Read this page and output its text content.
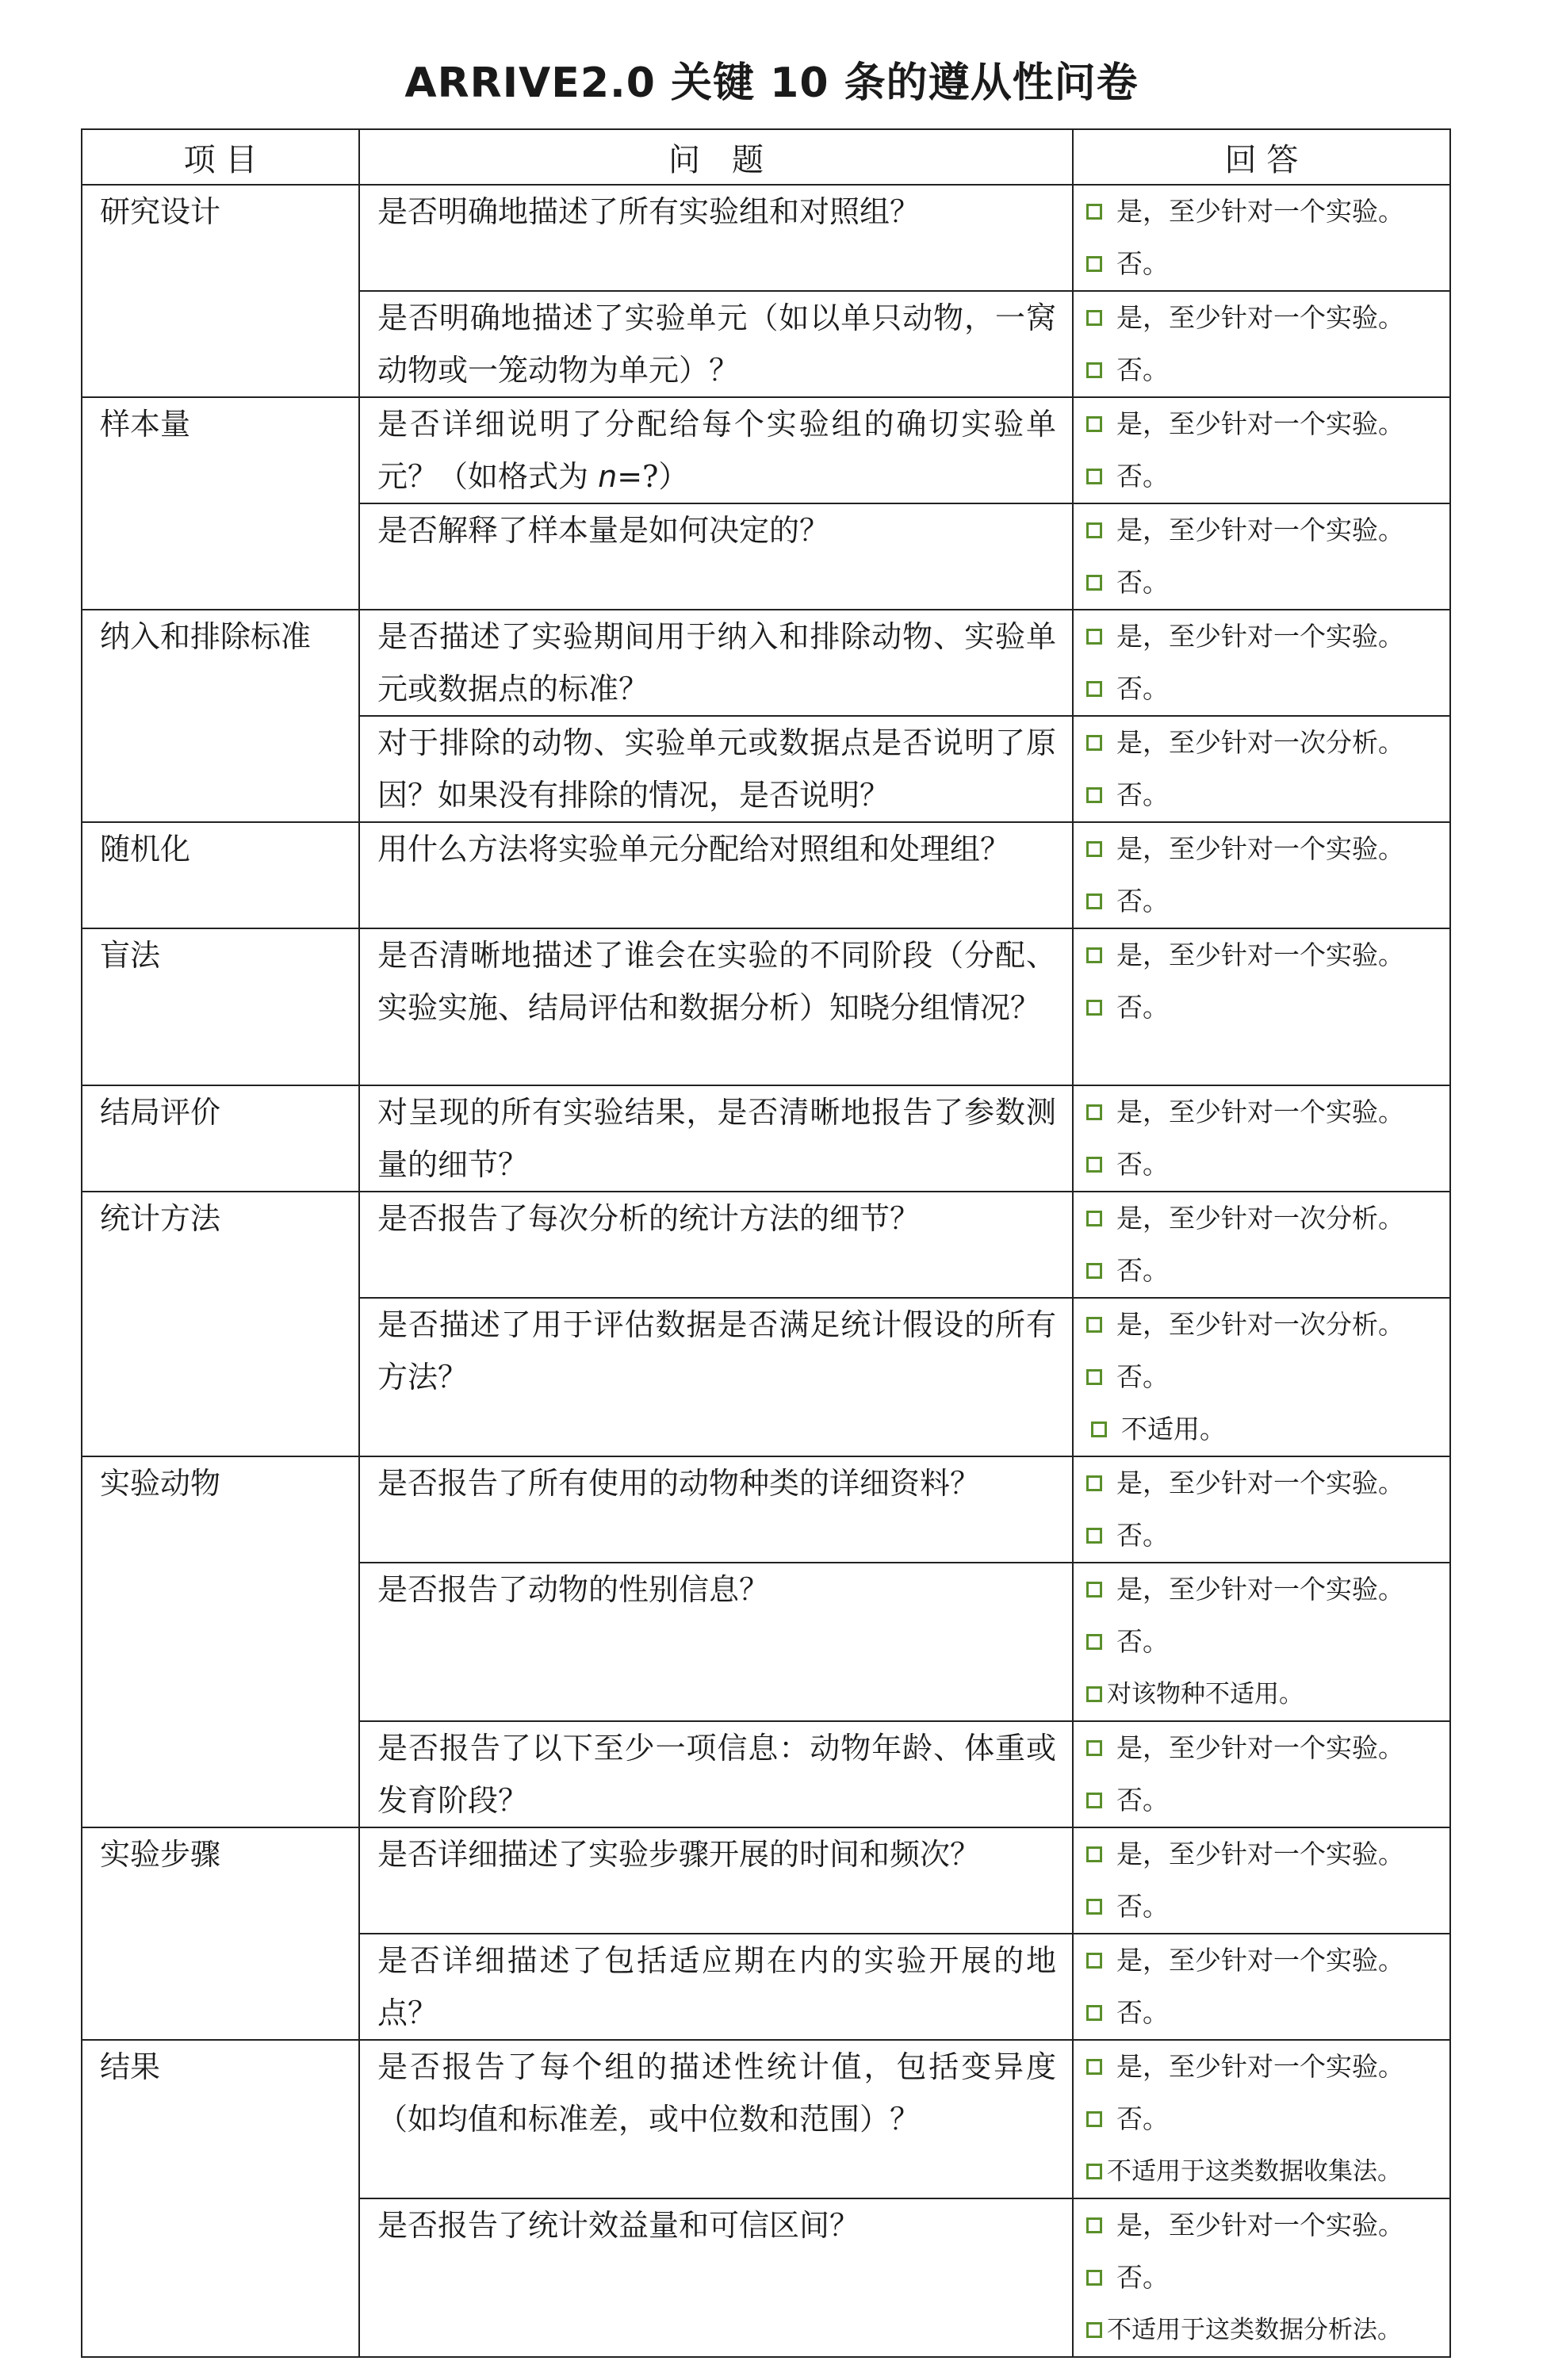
ARRIVE2.0 关键 10 条的遵从性问卷
项 目	问　题	回 答
研究设计	是否明确地描述了所有实验组和对照组？	是，至少针对一个实验。
否。

	是否明确地描述了实验单元（如以单只动物，一窝动物或一笼动物为单元）？	是，至少针对一个实验。
否。

样本量	是否详细说明了分配给每个实验组的确切实验单元？（如格式为 n=?）	是，至少针对一个实验。
否。

	是否解释了样本量是如何决定的？	是，至少针对一个实验。
否。

纳入和排除标准	是否描述了实验期间用于纳入和排除动物、实验单元或数据点的标准？	是，至少针对一个实验。
否。

	对于排除的动物、实验单元或数据点是否说明了原因？如果没有排除的情况，是否说明？	是，至少针对一次分析。
否。

随机化	用什么方法将实验单元分配给对照组和处理组？	是，至少针对一个实验。
否。

盲法	是否清晰地描述了谁会在实验的不同阶段（分配、实验实施、结局评估和数据分析）知晓分组情况？	是，至少针对一个实验。
否。

结局评价	对呈现的所有实验结果，是否清晰地报告了参数测量的细节？	是，至少针对一个实验。
否。

统计方法	是否报告了每次分析的统计方法的细节？	是，至少针对一次分析。
否。

	是否描述了用于评估数据是否满足统计假设的所有方法？	是，至少针对一次分析。
否。
不适用。

实验动物	是否报告了所有使用的动物种类的详细资料？	是，至少针对一个实验。
否。

	是否报告了动物的性别信息？	是，至少针对一个实验。
否。
对该物种不适用。

	是否报告了以下至少一项信息：动物年龄、体重或发育阶段？	是，至少针对一个实验。
否。

实验步骤	是否详细描述了实验步骤开展的时间和频次？	是，至少针对一个实验。
否。

	是否详细描述了包括适应期在内的实验开展的地点？	是，至少针对一个实验。
否。

结果	是否报告了每个组的描述性统计值，包括变异度（如均值和标准差，或中位数和范围）？	是，至少针对一个实验。
否。
不适用于这类数据收集法。

	是否报告了统计效益量和可信区间？	是，至少针对一个实验。
否。
不适用于这类数据分析法。
